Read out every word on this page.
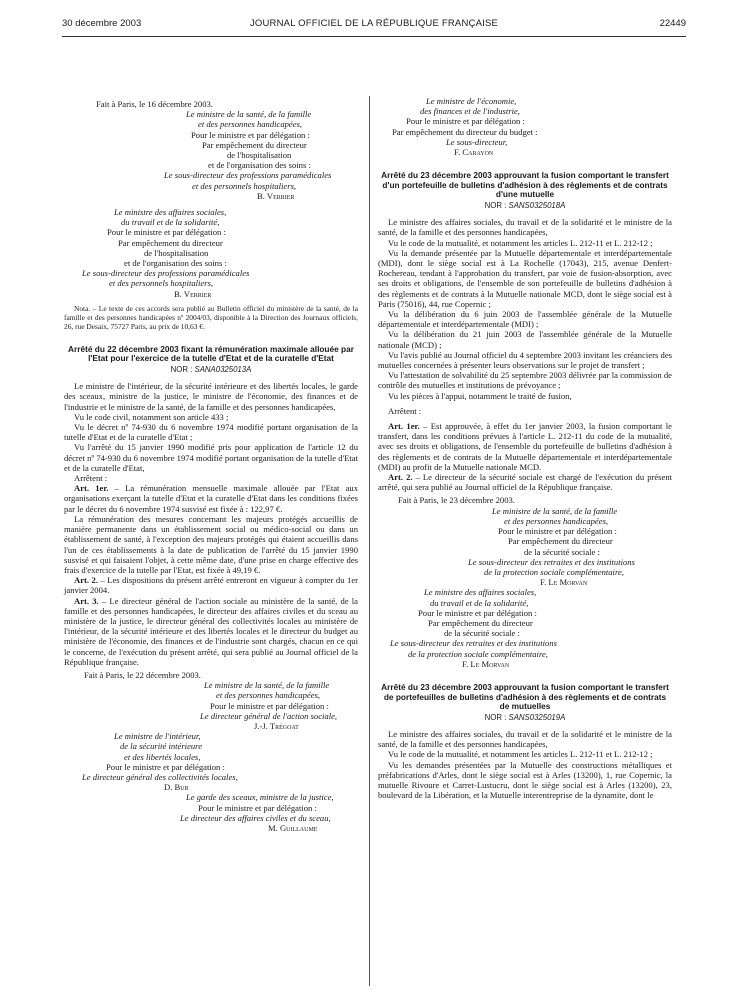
30 décembre 2003	JOURNAL OFFICIEL DE LA RÉPUBLIQUE FRANÇAISE	22449

Fait à Paris, le 16 décembre 2003.

Le ministre de la santé, de la famille

et des personnes handicapées,

Pour le ministre et par délégation :

Par empêchement du directeur

de l'hospitalisation

et de l'organisation des soins :

Le sous-directeur des professions paramédicales

et des personnels hospitaliers,

B. Verrier

Le ministre des affaires sociales,

du travail et de la solidarité,

Pour le ministre et par délégation :

Par empêchement du directeur

de l'hospitalisation

et de l'organisation des soins :

Le sous-directeur des professions paramédicales

et des personnels hospitaliers,

B. Verrier

Nota. – Le texte de ces accords sera publié au Bulletin officiel du ministère de la santé, de la famille et des personnes handicapées nº 2004/03, disponible à la Direction des Journaux officiels, 26, rue Desaix, 75727 Paris, au prix de 10,63 €.

Arrêté du 22 décembre 2003 fixant la rémunération maximale allouée par l'Etat pour l'exercice de la tutelle d'Etat et de la curatelle d'Etat
NOR : SANA0325013A

Le ministre de l'intérieur, de la sécurité intérieure et des libertés locales, le garde des sceaux, ministre de la justice, le ministre de l'économie, des finances et de l'industrie et le ministre de la santé, de la famille et des personnes handicapées,

Vu le code civil, notamment son article 433 ;

Vu le décret nº 74-930 du 6 novembre 1974 modifié portant organisation de la tutelle d'Etat et de la curatelle d'Etat ;

Vu l'arrêté du 15 janvier 1990 modifié pris pour application de l'article 12 du décret nº 74-930 du 6 novembre 1974 modifié portant organisation de la tutelle d'Etat et de la curatelle d'Etat,

Arrêtent :

Art. 1er. – La rémunération mensuelle maximale allouée par l'Etat aux organisations exerçant la tutelle d'Etat et la curatelle d'Etat dans les conditions fixées par le décret du 6 novembre 1974 susvisé est fixée à : 122,97 €.

La rémunération des mesures concernant les majeurs protégés accueillis de manière permanente dans un établissement social ou médico-social ou dans un établissement de santé, à l'exception des majeurs protégés qui étaient accueillis dans l'un de ces établissements à la date de publication de l'arrêté du 15 janvier 1990 susvisé et qui faisaient l'objet, à cette même date, d'une prise en charge effective des frais d'exercice de la tutelle par l'Etat, est fixée à 49,19 €.

Art. 2. – Les dispositions du présent arrêté entreront en vigueur à compter du 1er janvier 2004.

Art. 3. – Le directeur général de l'action sociale au ministère de la santé, de la famille et des personnes handicapées, le directeur des affaires civiles et du sceau au ministère de la justice, le directeur général des collectivités locales au ministère de l'intérieur, de la sécurité intérieure et des libertés locales et le directeur du budget au ministère de l'économie, des finances et de l'industrie sont chargés, chacun en ce qui le concerne, de l'exécution du présent arrêté, qui sera publié au Journal officiel de la République française.

Fait à Paris, le 22 décembre 2003.

Le ministre de la santé, de la famille

et des personnes handicapées,

Pour le ministre et par délégation :

Le directeur général de l'action sociale,

J.-J. Trégoat

Le ministre de l'intérieur,

de la sécurité intérieure

et des libertés locales,

Pour le ministre et par délégation :

Le directeur général des collectivités locales,

D. Bur

Le garde des sceaux, ministre de la justice,

Pour le ministre et par délégation :

Le directeur des affaires civiles et du sceau,

M. Guillaume

Le ministre de l'économie,

des finances et de l'industrie,

Pour le ministre et par délégation :

Par empêchement du directeur du budget :

Le sous-directeur,

F. Carayon

Arrêté du 23 décembre 2003 approuvant la fusion comportant le transfert d'un portefeuille de bulletins d'adhésion à des règlements et de contrats d'une mutuelle
NOR : SANS0325018A

Le ministre des affaires sociales, du travail et de la solidarité et le ministre de la santé, de la famille et des personnes handicapées,

Vu le code de la mutualité, et notamment les articles L. 212-11 et L. 212-12 ;

Vu la demande présentée par la Mutuelle départementale et interdépartementale (MDI), dont le siège social est à La Rochelle (17043), 215, avenue Denfert-Rochereau, tendant à l'approbation du transfert, par voie de fusion-absorption, avec ses droits et obligations, de l'ensemble de son portefeuille de bulletins d'adhésion à des règlements et de contrats à la Mutuelle nationale MCD, dont le siège social est à Paris (75016), 44, rue Copernic ;

Vu la délibération du 6 juin 2003 de l'assemblée générale de la Mutuelle départementale et interdépartementale (MDI) ;

Vu la délibération du 21 juin 2003 de l'assemblée générale de la Mutuelle nationale (MCD) ;

Vu l'avis publié au Journal officiel du 4 septembre 2003 invitant les créanciers des mutuelles concernées à présenter leurs observations sur le projet de transfert ;

Vu l'attestation de solvabilité du 25 septembre 2003 délivrée par la commission de contrôle des mutuelles et institutions de prévoyance ;

Vu les pièces à l'appui, notamment le traité de fusion,

Arrêtent :

Art. 1er. – Est approuvée, à effet du 1er janvier 2003, la fusion comportant le transfert, dans les conditions prévues à l'article L. 212-11 du code de la mutualité, avec ses droits et obligations, de l'ensemble du portefeuille de bulletins d'adhésion à des règlements et de contrats de la Mutuelle départementale et interdépartementale (MDI) au profit de la Mutuelle nationale MCD.

Art. 2. – Le directeur de la sécurité sociale est chargé de l'exécution du présent arrêté, qui sera publié au Journal officiel de la République française.

Fait à Paris, le 23 décembre 2003.

Le ministre de la santé, de la famille

et des personnes handicapées,

Pour le ministre et par délégation :

Par empêchement du directeur

de la sécurité sociale :

Le sous-directeur des retraites et des institutions

de la protection sociale complémentaire,

F. Le Morvan

Le ministre des affaires sociales,

du travail et de la solidarité,

Pour le ministre et par délégation :

Par empêchement du directeur

de la sécurité sociale :

Le sous-directeur des retraites et des institutions

de la protection sociale complémentaire,

F. Le Morvan

Arrêté du 23 décembre 2003 approuvant la fusion comportant le transfert de portefeuilles de bulletins d'adhésion à des règlements et de contrats de mutuelles
NOR : SANS0325019A

Le ministre des affaires sociales, du travail et de la solidarité et le ministre de la santé, de la famille et des personnes handicapées,

Vu le code de la mutualité, et notamment les articles L. 212-11 et L. 212-12 ;

Vu les demandes présentées par la Mutuelle des constructions métalliques et préfabrications d'Arles, dont le siège social est à Arles (13200), 1, rue Copernic, la mutuelle Rivoure et Carret-Lustucru, dont le siège social est à Arles (13200), 23, boulevard de la Libération, et la Mutuelle interentreprise de la dynamite, dont le
